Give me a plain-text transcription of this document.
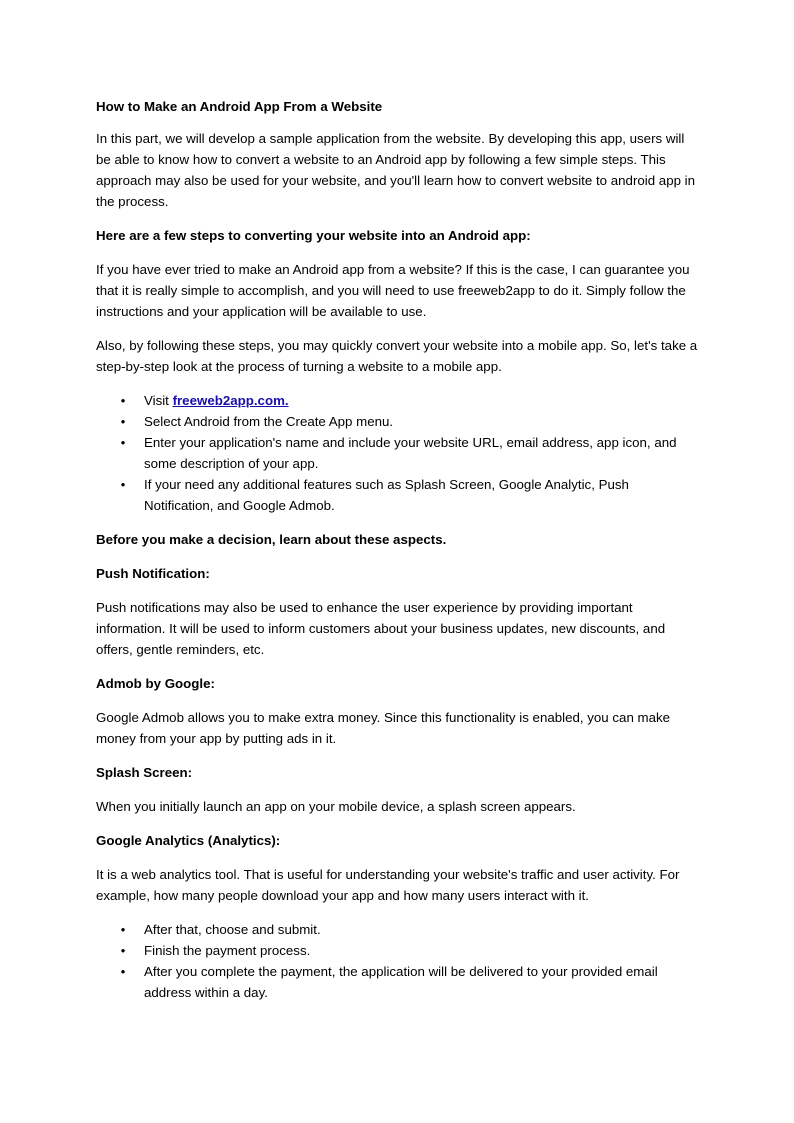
How to Make an Android App From a Website

In this part, we will develop a sample application from the website. By developing this app, users will be able to know how to convert a website to an Android app by following a few simple steps. This approach may also be used for your website, and you'll learn how to convert website to android app in the process.

Here are a few steps to converting your website into an Android app:

If you have ever tried to make an Android app from a website? If this is the case, I can guarantee you that it is really simple to accomplish, and you will need to use freeweb2app to do it. Simply follow the instructions and your application will be available to use.

Also, by following these steps, you may quickly convert your website into a mobile app. So, let's take a step-by-step look at the process of turning a website to a mobile app.

• Visit freeweb2app.com.
• Select Android from the Create App menu.
• Enter your application's name and include your website URL, email address, app icon, and some description of your app.
• If your need any additional features such as Splash Screen, Google Analytic, Push Notification, and Google Admob.
Before you make a decision, learn about these aspects.
Push Notification:

Push notifications may also be used to enhance the user experience by providing important information. It will be used to inform customers about your business updates, new discounts, and offers, gentle reminders, etc.

Admob by Google:

Google Admob allows you to make extra money. Since this functionality is enabled, you can make money from your app by putting ads in it.

Splash Screen:

When you initially launch an app on your mobile device, a splash screen appears.

Google Analytics (Analytics):

It is a web analytics tool. That is useful for understanding your website's traffic and user activity. For example, how many people download your app and how many users interact with it.

• After that, choose and submit.
• Finish the payment process.
• After you complete the payment, the application will be delivered to your provided email address within a day.
